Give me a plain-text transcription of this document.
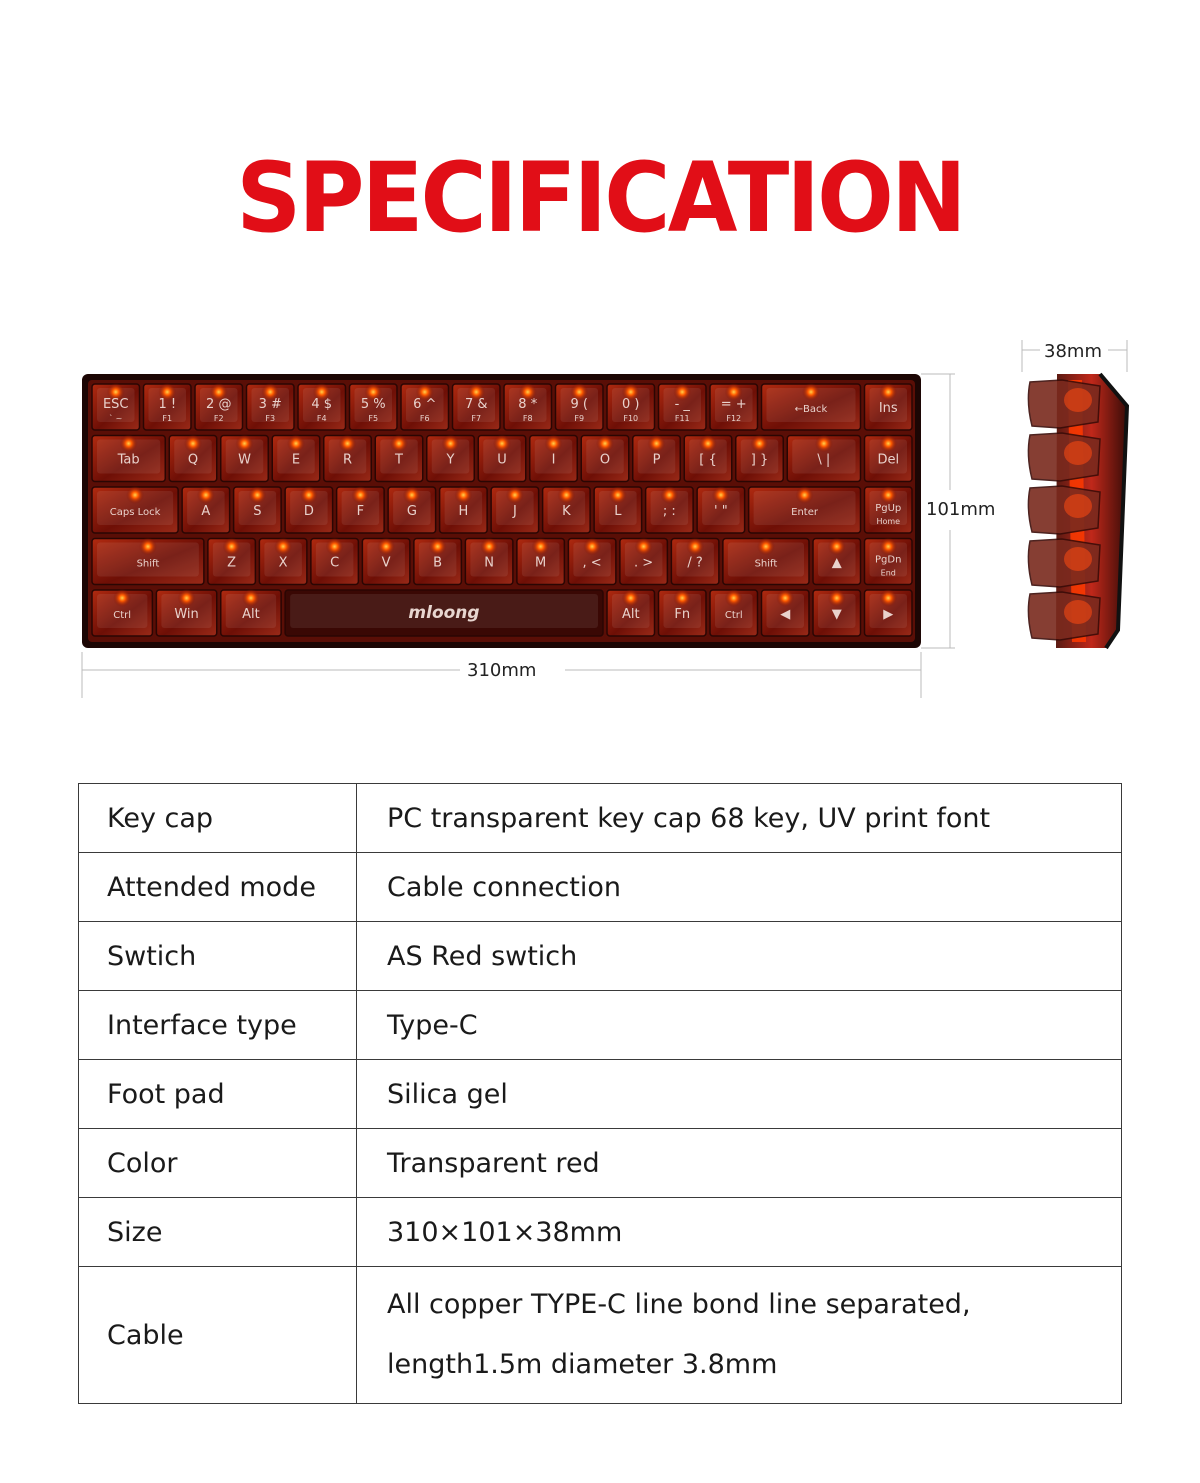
SPECIFICATION
ESC
` ~
1 !
F1
2 @
F2
3 #
F3
4 $
F4
5 %
F5
6 ^
F6
7 &
F7
8 *
F8
9 (
F9
0 )
F10
- _
F11
= +
F12
←Back	Ins
Tab	Q	W	E	R	T	Y	U	I	O	P	[ {	] }	\ |	Del
Caps Lock	A	S	D	F	G	H	J	K	L	; :	' "	Enter	PgUp
Home
Shift	Z	X	C	V	B	N	M	, < . >	/ ?	Shift	▲	PgDn
End
Ctrl	Win	Alt	Alt	Fn	Ctrl	◀	▼	▶
mloong
310mm
101mm
38mm
Key cap	PC transparent key cap 68 key, UV print font
Attended mode	Cable connection
Swtich	AS Red swtich
Interface type	Type-C
Foot pad	Silica gel
Color	Transparent red
Size	310×101×38mm
Cable	All copper TYPE-C line bond line separated,
length1.5m diameter 3.8mm
